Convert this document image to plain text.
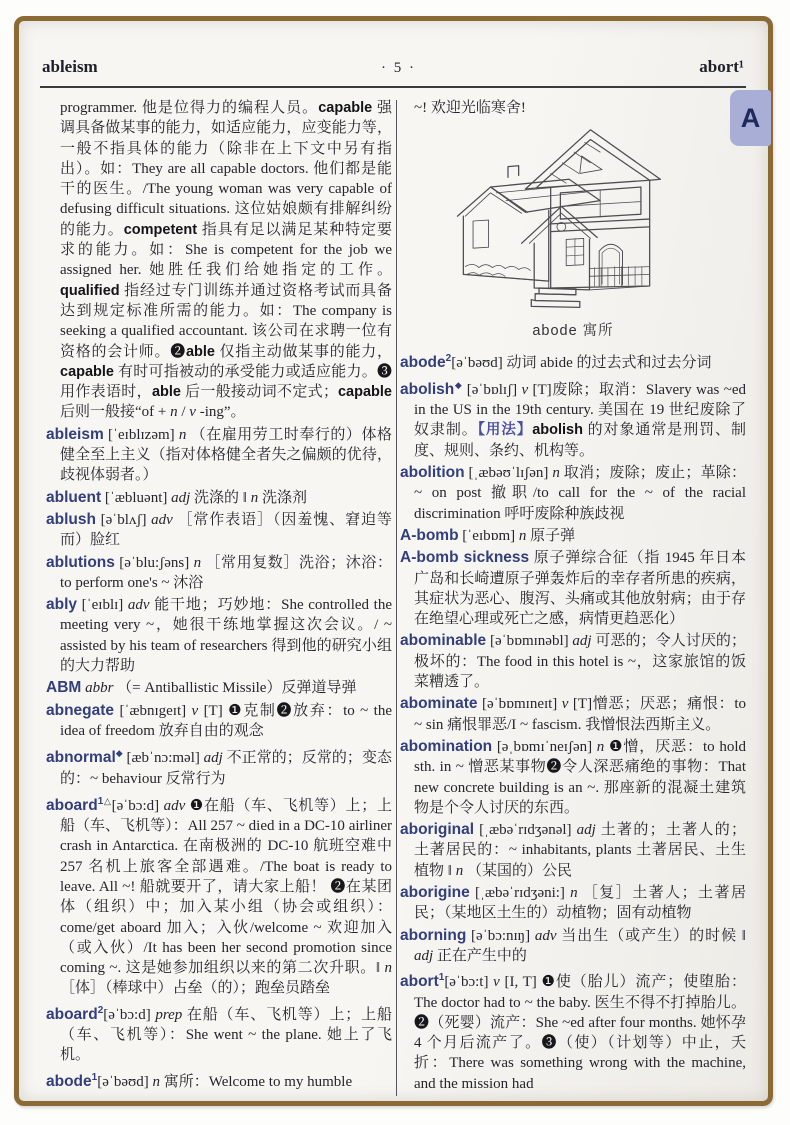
ableism	· 5 ·	abort¹
A
programmer. 他是位得力的编程人员。capable 强调具备做某事的能力，如适应能力，应变能力等，一般不指具体的能力（除非在上下文中另有指出）。如：They are all capable doctors. 他们都是能干的医生。/The young woman was very capable of defusing difficult situations. 这位姑娘颇有排解纠纷的能力。competent 指具有足以满足某种特定要求的能力。如：She is competent for the job we assigned her. 她胜任我们给她指定的工作。qualified 指经过专门训练并通过资格考试而具备达到规定标准所需的能力。如：The company is seeking a qualified accountant. 该公司在求聘一位有资格的会计师。❷able 仅指主动做某事的能力，capable 有时可指被动的承受能力或适应能力。❸用作表语时，able 后一般接动词不定式；capable 后则一般接“of + n / v -ing”。
ableism [ˈeɪblɪzəm] n （在雇用劳工时奉行的）体格健全至上主义（指对体格健全者失之偏颇的优待，歧视体弱者。）
abluent [ˈæbluənt] adj 洗涤的 ‖ n 洗涤剂
ablush [əˈblʌʃ] adv ［常作表语］（因羞愧、窘迫等而）脸红
ablutions [əˈblu:ʃəns] n ［常用复数］洗浴；沐浴：to perform one's ~ 沐浴
ably [ˈeɪblɪ] adv 能干地；巧妙地：She controlled the meeting very ~，她很干练地掌握这次会议。/ ~ assisted by his team of researchers 得到他的研究小组的大力帮助
ABM abbr （= Antiballistic Missile）反弹道导弹
abnegate [ˈæbnɪgeɪt] v [T] ❶克制❷放弃：to ~ the idea of freedom 放弃自由的观念
abnormal◆ [æbˈnɔ:məl] adj 不正常的；反常的；变态的：~ behaviour 反常行为
aboard$^{1\triangle}$[əˈbɔ:d] adv ❶在船（车、飞机等）上；上船（车、飞机等）：All 257 ~ died in a DC-10 airliner crash in Antarctica. 在南极洲的 DC-10 航班空难中 257 名机上旅客全部遇难。/The boat is ready to leave. All ~! 船就要开了，请大家上船！ ❷在某团体（组织）中；加入某小组（协会或组织）：come/get aboard 加入；入伙/welcome ~ 欢迎加入（或入伙）/It has been her second promotion since coming ~. 这是她参加组织以来的第二次升职。‖ n ［体］（棒球中）占垒（的）；跑垒员踏垒
aboard$^2$[əˈbɔ:d] prep 在船（车、飞机等）上；上船（车、飞机等）：She went ~ the plane. 她上了飞机。
abode$^1$[əˈbəʊd] n 寓所：Welcome to my humble
~! 欢迎光临寒舍!
abode 寓所
abode$^2$[əˈbəʊd] 动词 abide 的过去式和过去分词
abolish◆ [əˈbɒlɪʃ] v [T]废除；取消：Slavery was ~ed in the US in the 19th century. 美国在 19 世纪废除了奴隶制。【用法】abolish 的对象通常是刑罚、制度、规则、条约、机构等。
abolition [ˌæbəʊˈlɪʃən] n 取消；废除；废止；革除：~ on post 撤职/to call for the ~ of the racial discrimination 呼吁废除种族歧视
A-bomb [ˈeɪbɒm] n 原子弹
A-bomb sickness 原子弹综合征（指 1945 年日本广岛和长崎遭原子弹轰炸后的幸存者所患的疾病，其症状为恶心、腹泻、头痛或其他放射病；由于存在绝望心理或死亡之感，病情更趋恶化）
abominable [əˈbɒmɪnəbl] adj 可恶的；令人讨厌的；极坏的：The food in this hotel is ~，这家旅馆的饭菜糟透了。
abominate [əˈbɒmɪneɪt] v [T]憎恶；厌恶；痛恨：to ~ sin 痛恨罪恶/I ~ fascism. 我憎恨法西斯主义。
abomination [əˌbɒmɪˈneɪʃən] n ❶憎，厌恶：to hold sth. in ~ 憎恶某事物❷令人深恶痛绝的事物：That new concrete building is an ~. 那座新的混凝土建筑物是个令人讨厌的东西。
aboriginal [ˌæbəˈrɪdʒənəl] adj 土著的；土著人的；土著居民的：~ inhabitants, plants 土著居民、土生植物 ‖ n （某国的）公民
aborigine [ˌæbəˈrɪdʒəni:] n ［复］土著人；土著居民；（某地区土生的）动植物；固有动植物
aborning [əˈbɔ:nɪŋ] adv 当出生（或产生）的时候 ‖ adj 正在产生中的
abort$^1$[əˈbɔ:t] v [I, T] ❶使（胎儿）流产；使堕胎：The doctor had to ~ the baby. 医生不得不打掉胎儿。❷（死婴）流产：She ~ed after four months. 她怀孕 4 个月后流产了。❸（使）（计划等）中止，夭折：There was something wrong with the machine, and the mission had
